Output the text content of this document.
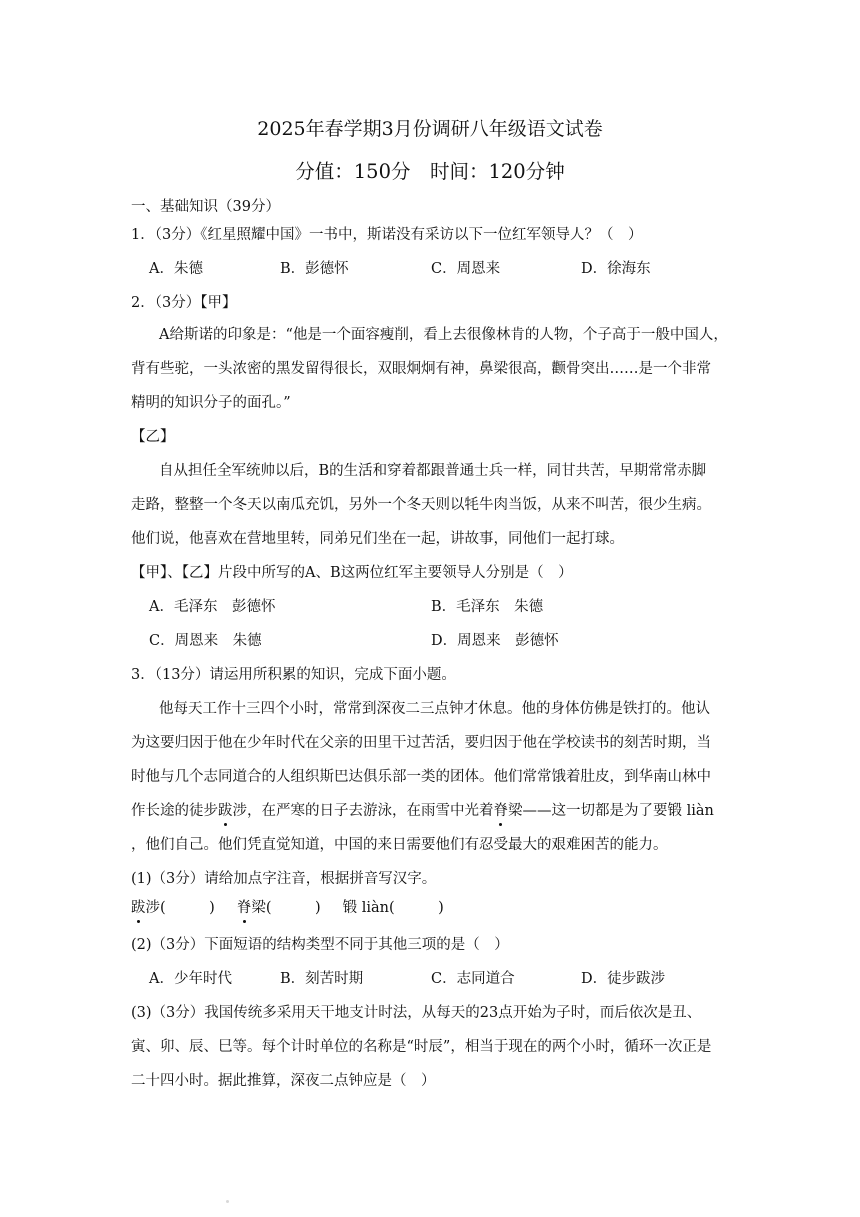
2025年春学期3月份调研八年级语文试卷
分值：150分　时间：120分钟
一、基础知识（39分）
1．（3分）《红星照耀中国》一书中，斯诺没有采访以下一位红军领导人？（　）
A．朱德	B．彭德怀	C．周恩来	D．徐海东
2．（3分）【甲】
A给斯诺的印象是：“他是一个面容瘦削，看上去很像林肯的人物，个子高于一般中国人，
背有些驼，一头浓密的黑发留得很长，双眼炯炯有神，鼻梁很高，颧骨突出……是一个非常
精明的知识分子的面孔。”
【乙】
自从担任全军统帅以后，B的生活和穿着都跟普通士兵一样，同甘共苦，早期常常赤脚
走路，整整一个冬天以南瓜充饥，另外一个冬天则以牦牛肉当饭，从来不叫苦，很少生病。
他们说，他喜欢在营地里转，同弟兄们坐在一起，讲故事，同他们一起打球。
【甲】、【乙】片段中所写的A、B这两位红军主要领导人分别是（　）
A．毛泽东　彭德怀	B．毛泽东　朱德
C．周恩来　朱德	D．周恩来　彭德怀
3．（13分）请运用所积累的知识，完成下面小题。
他每天工作十三四个小时，常常到深夜二三点钟才休息。他的身体仿佛是铁打的。他认
为这要归因于他在少年时代在父亲的田里干过苦活，要归因于他在学校读书的刻苦时期，当
时他与几个志同道合的人组织斯巴达俱乐部一类的团体。他们常常饿着肚皮，到华南山林中
作长途的徒步跋涉，在严寒的日子去游泳，在雨雪中光着脊梁——这一切都是为了要锻 liàn
，他们自己。他们凭直觉知道，中国的来日需要他们有忍受最大的艰难困苦的能力。
(1)（3分）请给加点字注音，根据拼音写汉字。
跋涉(　　　) 脊梁(　　　) 锻 liàn(　　　)
(2)（3分）下面短语的结构类型不同于其他三项的是（　）
A．少年时代	B．刻苦时期	C．志同道合	D．徒步跋涉
(3)（3分）我国传统多采用天干地支计时法，从每天的23点开始为子时，而后依次是丑、
寅、卯、辰、巳等。每个计时单位的名称是“时辰”，相当于现在的两个小时，循环一次正是
二十四小时。据此推算，深夜二点钟应是（　）
